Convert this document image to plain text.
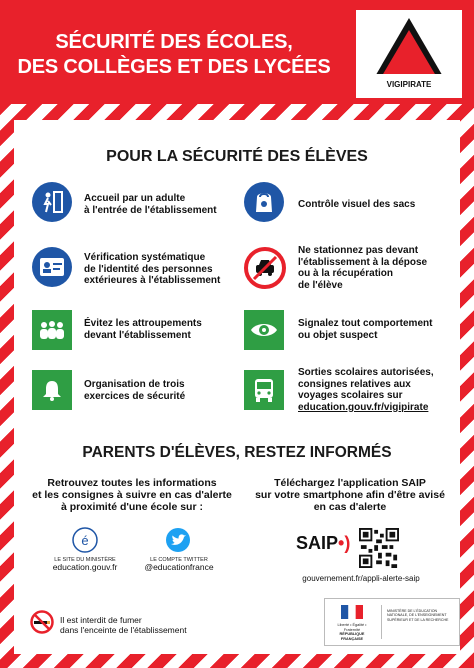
SÉCURITÉ DES ÉCOLES,
DES COLLÈGES ET DES LYCÉES
VIGIPIRATE
POUR LA SÉCURITÉ DES ÉLÈVES
Accueil par un adulte
à l'entrée de l'établissement
Vérification systématique
de l'identité des personnes
extérieures à l'établissement
Évitez les attroupements
devant l'établissement
Organisation de trois
exercices de sécurité
Contrôle visuel des sacs
Ne stationnez pas devant
l'établissement à la dépose
ou à la récupération
de l'élève
Signalez tout comportement
ou objet suspect
Sorties scolaires autorisées,
consignes relatives aux
voyages scolaires sur
education.gouv.fr/vigipirate
PARENTS D'ÉLÈVES, RESTEZ INFORMÉS
Retrouvez toutes les informations
et les consignes à suivre en cas d'alerte
à proximité d'une école sur :
Téléchargez l'application SAIP
sur votre smartphone afin d'être avisé
en cas d'alerte
é
LE SITE DU MINISTÈRE
education.gouv.fr
LE COMPTE TWITTER
@educationfrance
SAIP•)
gouvernement.fr/appli-alerte-saip
Il est interdit de fumer
dans l'enceinte de l'établissement	Liberté • Égalité • Fraternité
RÉPUBLIQUE FRANÇAISE
MINISTÈRE DE L'ÉDUCATION
NATIONALE, DE L'ENSEIGNEMENT
SUPÉRIEUR ET DE LA RECHERCHE
